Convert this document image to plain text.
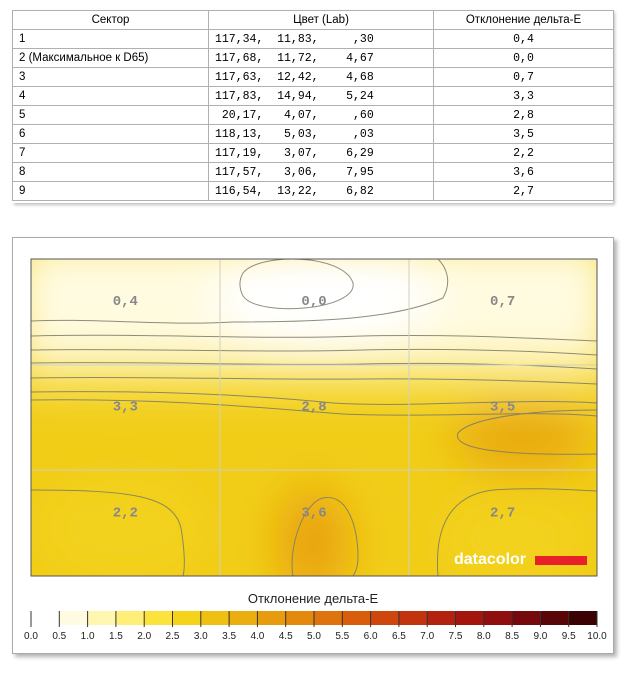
Сектор	Цвет (Lab)	Отклонение дельта-Е
1	117,34,  11,83,     ,30	0,4
2 (Максимальное к D65)	117,68,  11,72,    4,67	0,0
3	117,63,  12,42,    4,68	0,7
4	117,83,  14,94,    5,24	3,3
5	20,17,   4,07,     ,60	2,8
6	118,13,   5,03,     ,03	3,5
7	117,19,   3,07,    6,29	2,2
8	117,57,   3,06,    7,95	3,6
9	116,54,  13,22,    6,82	2,7
0,4	0,0	0,7
3,3	2,8	3,5
2,2	3,6	2,7
datacolor
Отклонение дельта-Е
0.0 0.5 1.0 1.5 2.0 2.5 3.0 3.5 4.0 4.5 5.0 5.5 6.0 6.5 7.0 7.5 8.0 8.5 9.0 9.5 10.0
